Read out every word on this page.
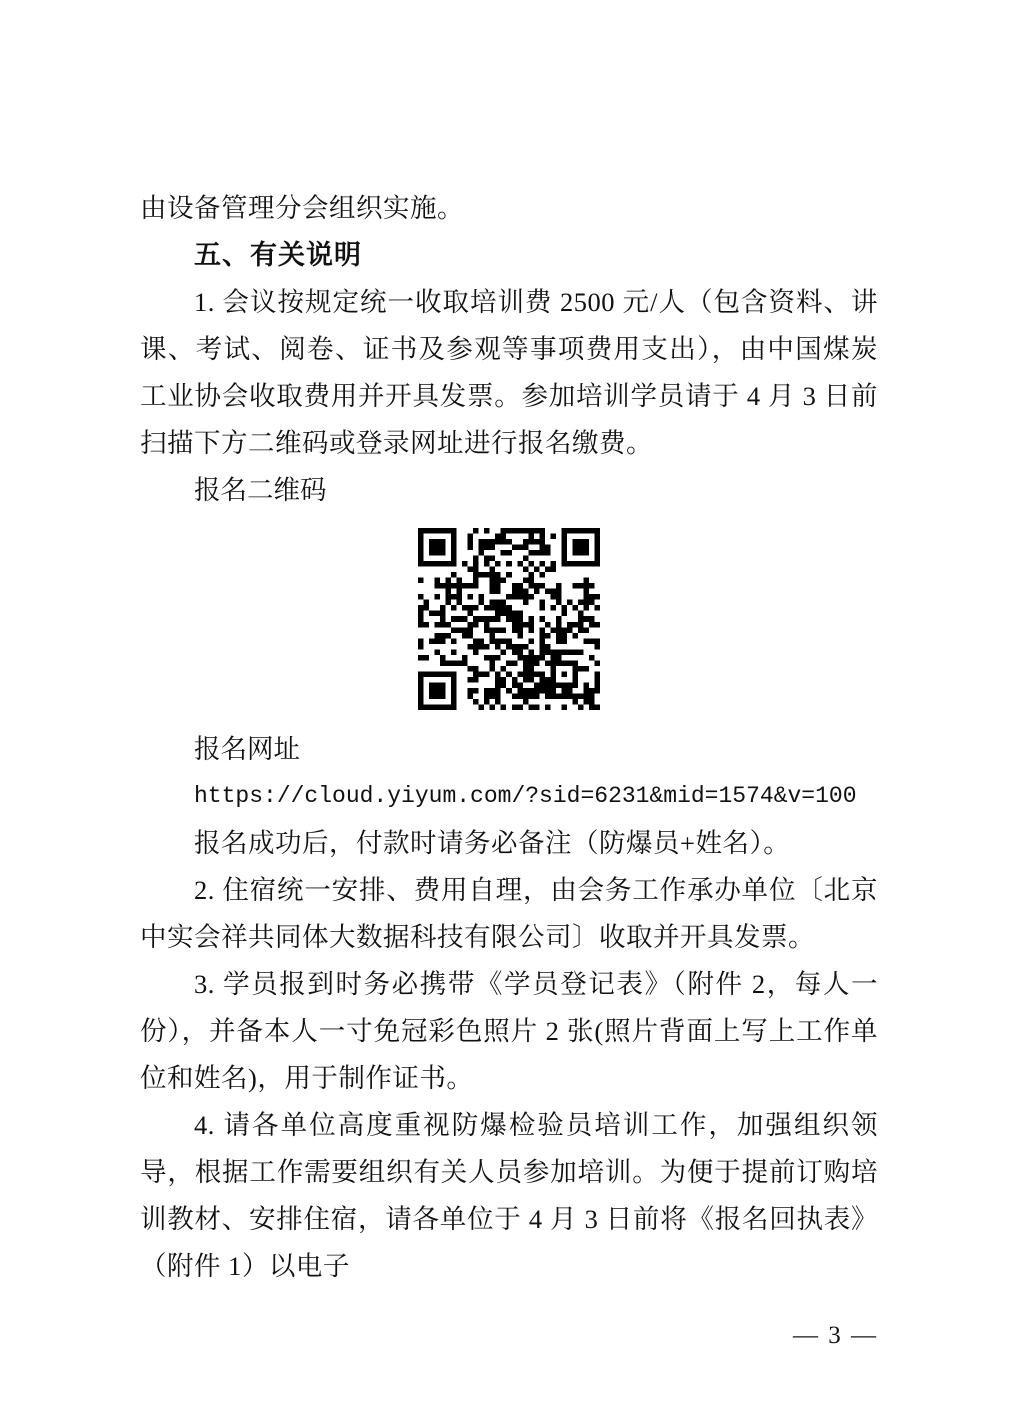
由设备管理分会组织实施。

五、有关说明

1. 会议按规定统一收取培训费 2500 元/人（包含资料、讲课、考试、阅卷、证书及参观等事项费用支出），由中国煤炭工业协会收取费用并开具发票。参加培训学员请于 4 月 3 日前扫描下方二维码或登录网址进行报名缴费。

报名二维码

报名网址

https://cloud.yiyum.com/?sid=6231&mid=1574&v=100

报名成功后，付款时请务必备注（防爆员+姓名）。

2. 住宿统一安排、费用自理，由会务工作承办单位〔北京中实会祥共同体大数据科技有限公司〕收取并开具发票。

3. 学员报到时务必携带《学员登记表》（附件 2，每人一份），并备本人一寸免冠彩色照片 2 张(照片背面上写上工作单位和姓名)，用于制作证书。

4. 请各单位高度重视防爆检验员培训工作，加强组织领导，根据工作需要组织有关人员参加培训。为便于提前订购培训教材、安排住宿，请各单位于 4 月 3 日前将《报名回执表》（附件 1）以电子

— 3 —
